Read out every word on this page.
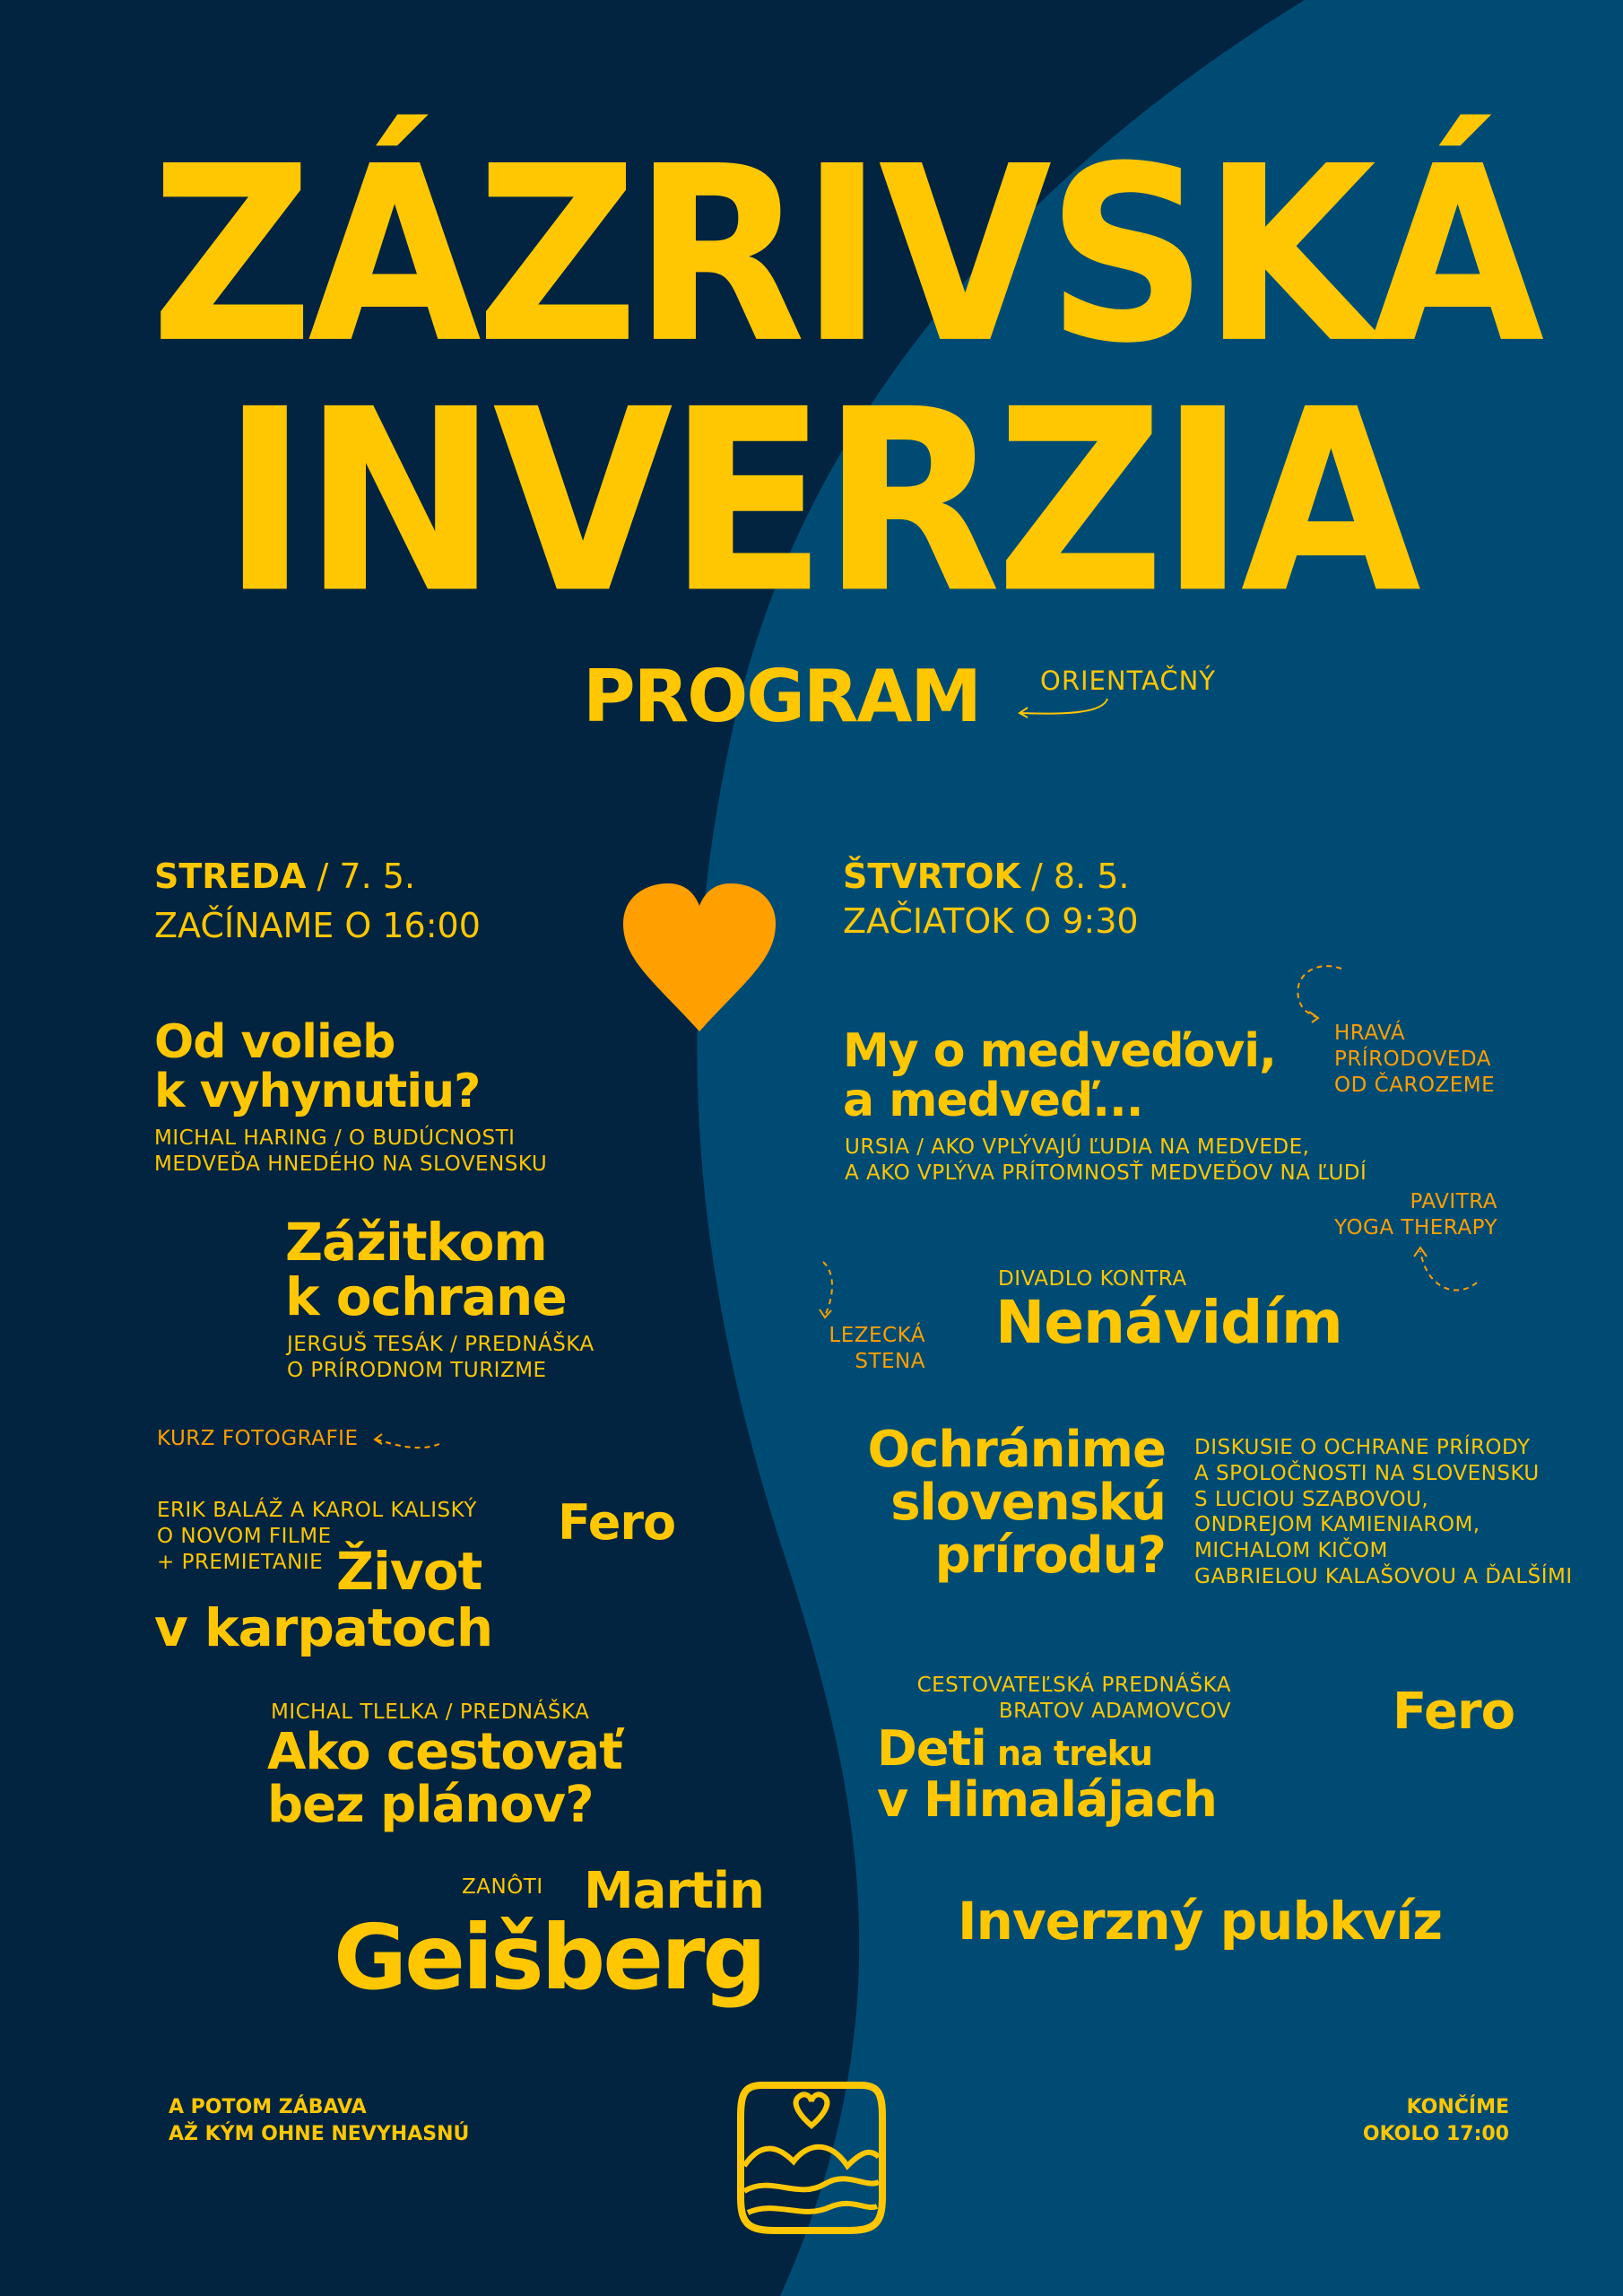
ZÁZRIVSKÁ
INVERZIA
PROGRAM ORIENTAČNÝ
STREDA / 7. 5.
ZAČÍNAME O 16:00
Od volieb
k vyhynutiu?
MICHAL HARING / O BUDÚCNOSTI
MEDVEĎA HNEDÉHO NA SLOVENSKU
Zážitkom
k ochrane
JERGUŠ TESÁK / PREDNÁŠKA
O PRÍRODNOM TURIZME
KURZ FOTOGRAFIE
ERIK BALÁŽ A KAROL KALISKÝ
O NOVOM FILME
+ PREMIETANIE Život
v karpatoch
Fero
MICHAL TLELKA / PREDNÁŠKA
Ako cestovať
bez plánov?
ZANÔTI Martin
Geišberg
ŠTVRTOK / 8. 5.
ZAČIATOK O 9:30
HRAVÁ
PRÍRODOVEDA
OD ČAROZEME
My o medveďovi,
a medveď...
URSIA / AKO VPLÝVAJÚ ĽUDIA NA MEDVEDE,
A AKO VPLÝVA PRÍTOMNOSŤ MEDVEĎOV NA ĽUDÍ
PAVITRA
YOGA THERAPY
LEZECKÁ
STENA
DIVADLO KONTRA
Nenávidím
Ochránime
slovenskú
prírodu?
DISKUSIE O OCHRANE PRÍRODY
A SPOLOČNOSTI NA SLOVENSKU
S LUCIOU SZABOVOU,
ONDREJOM KAMIENIAROM,
MICHALOM KIČOM
GABRIELOU KALAŠOVOU A ĎALŠÍMI
CESTOVATEĽSKÁ PREDNÁŠKA
BRATOV ADAMOVCOV
Deti na treku
v Himalájach
Fero
Inverzný pubkvíz
A POTOM ZÁBAVA
AŽ KÝM OHNE NEVYHASNÚ
KONČÍME
OKOLO 17:00
